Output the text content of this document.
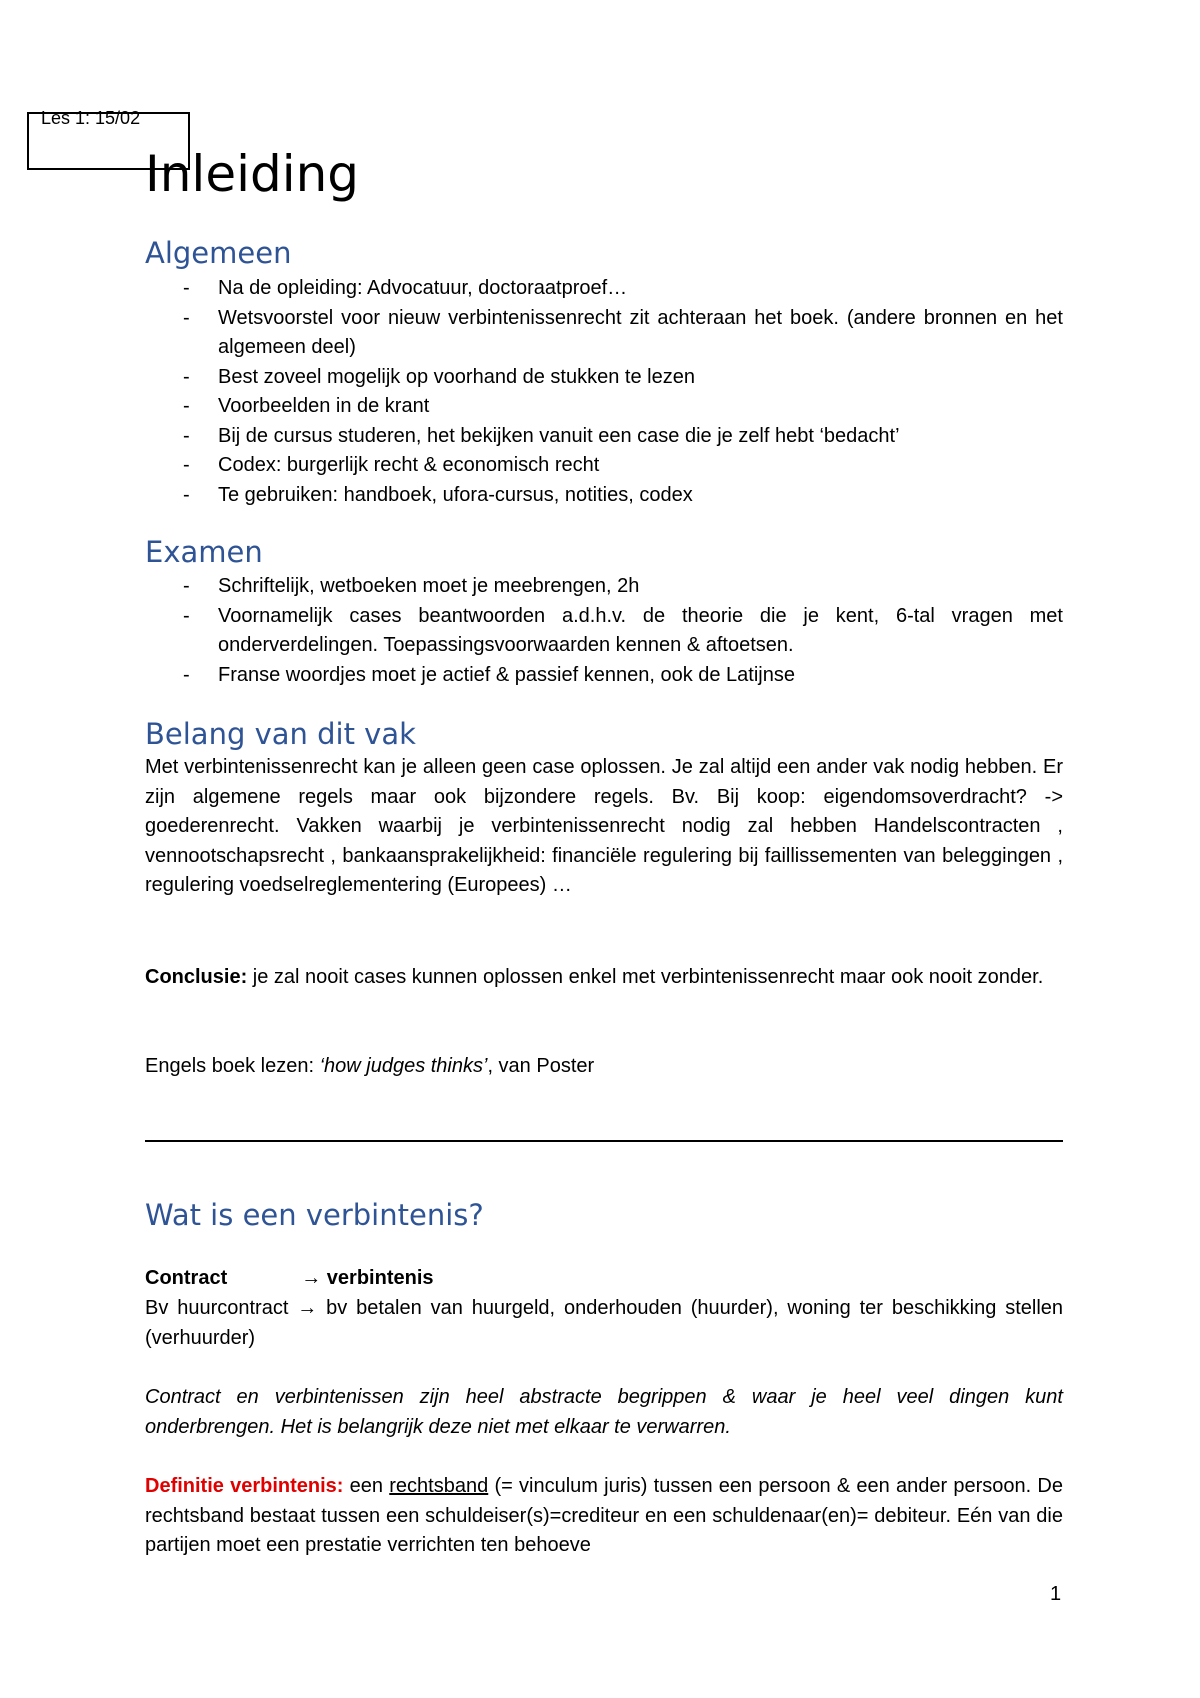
Les 1: 15/02
Inleiding
Algemeen
- Na de opleiding: Advocatuur, doctoraatproef…
- Wetsvoorstel voor nieuw verbintenissenrecht zit achteraan het boek. (andere bronnen en het algemeen deel)
- Best zoveel mogelijk op voorhand de stukken te lezen
- Voorbeelden in de krant
- Bij de cursus studeren, het bekijken vanuit een case die je zelf hebt ‘bedacht’
- Codex: burgerlijk recht & economisch recht
- Te gebruiken: handboek, ufora-cursus, notities, codex
Examen
- Schriftelijk, wetboeken moet je meebrengen, 2h
- Voornamelijk cases beantwoorden a.d.h.v. de theorie die je kent, 6-tal vragen met onderverdelingen. Toepassingsvoorwaarden kennen & aftoetsen.
- Franse woordjes moet je actief & passief kennen, ook de Latijnse
Belang van dit vak
Met verbintenissenrecht kan je alleen geen case oplossen. Je zal altijd een ander vak nodig hebben. Er zijn algemene regels maar ook bijzondere regels. Bv. Bij koop: eigendomsoverdracht? -> goederenrecht. Vakken waarbij je verbintenissenrecht nodig zal hebben Handelscontracten , vennootschapsrecht , bankaansprakelijkheid: financiële regulering bij faillissementen van beleggingen , regulering voedselreglementering (Europees) …
Conclusie: je zal nooit cases kunnen oplossen enkel met verbintenissenrecht maar ook nooit zonder.
Engels boek lezen: ‘how judges thinks’, van Poster
Wat is een verbintenis?
Contract	→ verbintenis
Bv huurcontract → bv betalen van huurgeld, onderhouden (huurder), woning ter beschikking stellen (verhuurder)
Contract en verbintenissen zijn heel abstracte begrippen & waar je heel veel dingen kunt onderbrengen. Het is belangrijk deze niet met elkaar te verwarren.
Definitie verbintenis: een rechtsband (= vinculum juris) tussen een persoon & een ander persoon. De rechtsband bestaat tussen een schuldeiser(s)=crediteur en een schuldenaar(en)= debiteur. Eén van die partijen moet een prestatie verrichten ten behoeve
1
